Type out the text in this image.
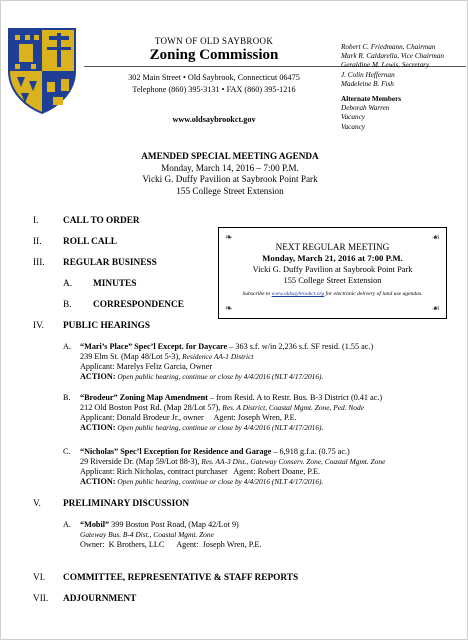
TOWN OF OLD SAYBROOK
Zoning Commission
302 Main Street • Old Saybrook, Connecticut 06475
Telephone (860) 395-3131 • FAX (860) 395-1216
www.oldsaybrookct.gov
Robert C. Friedmann, Chairman
Mark R. Caldarella, Vice Chairman
Geraldine M. Lewis, Secretary
J. Colin Heffernan
Madeleine B. Fish
Alternate Members
Deborah Warren
Vacancy
Vacancy
AMENDED SPECIAL MEETING AGENDA
Monday, March 14, 2016 – 7:00 P.M.
Vicki G. Duffy Pavilion at Saybrook Point Park
155 College Street Extension
I.	CALL TO ORDER
II. ROLL CALL
III. REGULAR BUSINESS
A. MINUTES
B. CORRESPONDENCE
❧	☙
❧	☙
NEXT REGULAR MEETING
Monday, March 21, 2016 at 7:00 P.M.
Vicki G. Duffy Pavilion at Saybrook Point Park
155 College Street Extension
Subscribe to www.oldsaybrookct.org for electronic delivery of land use agendas.
IV. PUBLIC HEARINGS
A. “Mari’s Place” Spec’l Except. for Daycare – 363 s.f. w/in 2,236 s.f. SF resid. (1.55 ac.)
239 Elm St. (Map 48/Lot 5-3), Residence AA-1 District
Applicant: Marelys Feliz Garcia, Owner
ACTION: Open public hearing, continue or close by 4/4/2016 (NLT 4/17/2016).
B. “Brodeur” Zoning Map Amendment – from Resid. A to Restr. Bus. B-3 District (0.41 ac.)
212 Old Boston Post Rd. (Map 28/Lot 57), Res. A District, Coastal Mgmt. Zone, Ped. Node
Applicant: Donald Brodeur Jr., owner     Agent: Joseph Wren, P.E.
ACTION: Open public hearing, continue or close by 4/4/2016 (NLT 4/17/2016).
C. “Nicholas” Spec’l Exception for Residence and Garage – 6,918 g.f.a. (0.75 ac.)
29 Riverside Dr. (Map 59/Lot 88-3), Res. AA-3 Dist., Gateway Conserv. Zone, Coastal Mgmt. Zone
Applicant: Rich Nicholas, contract purchaser   Agent: Robert Doane, P.E.
ACTION: Open public hearing, continue or close by 4/4/2016 (NLT 4/17/2016).
V. PRELIMINARY DISCUSSION
A. “Mobil” 399 Boston Post Road, (Map 42/Lot 9)
Gateway Bus. B-4 Dist., Coastal Mgmt. Zone
Owner:  K Brothers, LLC      Agent:  Joseph Wren, P.E.
VI. COMMITTEE, REPRESENTATIVE & STAFF REPORTS
VII. ADJOURNMENT
